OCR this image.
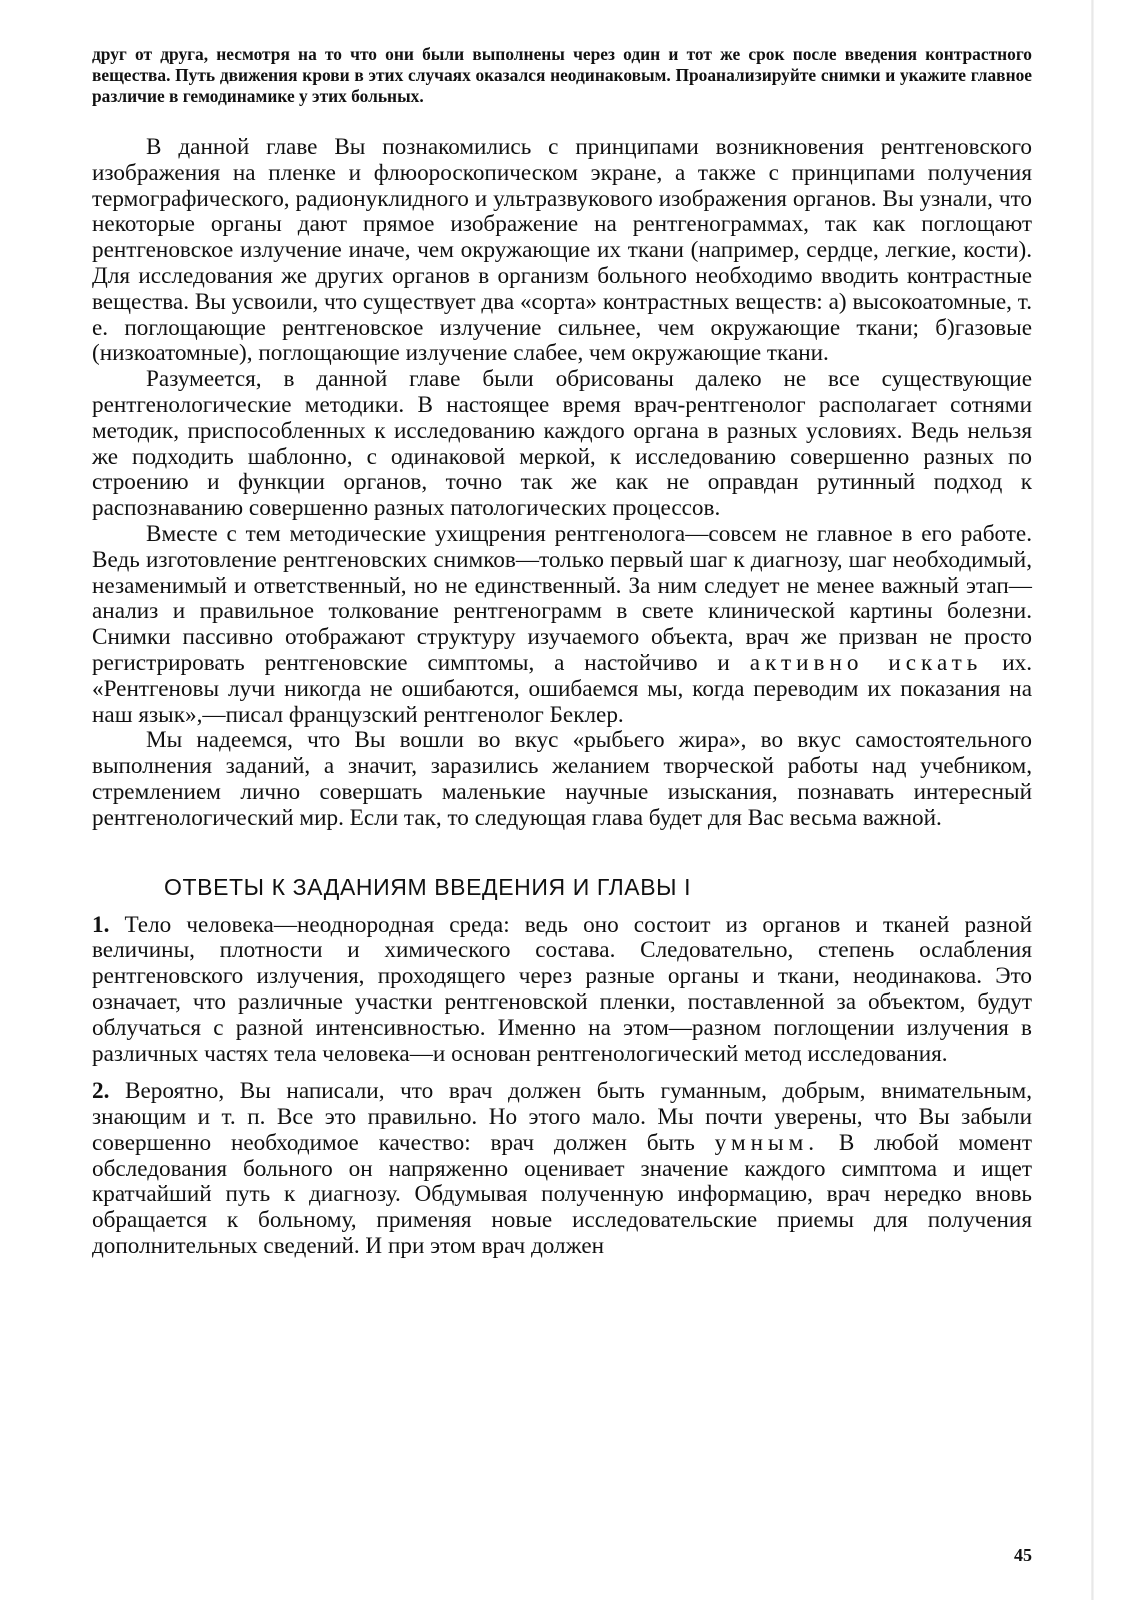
друг от друга, несмотря на то что они были выполнены через один и тот же срок после введения контрастного вещества. Путь движения крови в этих случаях оказался неодинаковым. Проанализируйте снимки и укажите главное различие в гемодинамике у этих больных.

В данной главе Вы познакомились с принципами возникновения рентгеновского изображения на пленке и флюороскопическом экране, а также с принципами получения термографического, радионуклидного и ультразвукового изображения органов. Вы узнали, что некоторые органы дают прямое изображение на рентгенограммах, так как поглощают рентгеновское излучение иначе, чем окружающие их ткани (например, сердце, легкие, кости). Для исследования же других органов в организм больного необходимо вводить контрастные вещества. Вы усвоили, что существует два «сорта» контрастных веществ: а) высокоатомные, т. е. поглощающие рентгеновское излучение сильнее, чем окружающие ткани; б)газовые (низкоатомные), поглощающие излучение слабее, чем окружающие ткани.

Разумеется, в данной главе были обрисованы далеко не все существующие рентгенологические методики. В настоящее время врач-рентгенолог располагает сотнями методик, приспособленных к исследованию каждого органа в разных условиях. Ведь нельзя же подходить шаблонно, с одинаковой меркой, к исследованию совершенно разных по строению и функции органов, точно так же как не оправдан рутинный подход к распознаванию совершенно разных патологических процессов.

Вместе с тем методические ухищрения рентгенолога—совсем не главное в его работе. Ведь изготовление рентгеновских снимков—только первый шаг к диагнозу, шаг необходимый, незаменимый и ответственный, но не единственный. За ним следует не менее важный этап—анализ и правильное толкование рентгенограмм в свете клинической картины болезни. Снимки пассивно отображают структуру изучаемого объекта, врач же призван не просто регистрировать рентгеновские симптомы, а настойчиво и активно искать их. «Рентгеновы лучи никогда не ошибаются, ошибаемся мы, когда переводим их показания на наш язык»,—писал французский рентгенолог Беклер.

Мы надеемся, что Вы вошли во вкус «рыбьего жира», во вкус самостоятельного выполнения заданий, а значит, заразились желанием творческой работы над учебником, стремлением лично совершать маленькие научные изыскания, познавать интересный рентгенологический мир. Если так, то следующая глава будет для Вас весьма важной.

ОТВЕТЫ К ЗАДАНИЯМ ВВЕДЕНИЯ И ГЛАВЫ I

1. Тело человека—неоднородная среда: ведь оно состоит из органов и тканей разной величины, плотности и химического состава. Следовательно, степень ослабления рентгеновского излучения, проходящего через разные органы и ткани, неодинакова. Это означает, что различные участки рентгеновской пленки, поставленной за объектом, будут облучаться с разной интенсивностью. Именно на этом—разном поглощении излучения в различных частях тела человека—и основан рентгенологический метод исследования.

2. Вероятно, Вы написали, что врач должен быть гуманным, добрым, внимательным, знающим и т. п. Все это правильно. Но этого мало. Мы почти уверены, что Вы забыли совершенно необходимое качество: врач должен быть умным. В любой момент обследования больного он напряженно оценивает значение каждого симптома и ищет кратчайший путь к диагнозу. Обдумывая полученную информацию, врач нередко вновь обращается к больному, применяя новые исследовательские приемы для получения дополнительных сведений. И при этом врач должен

45
